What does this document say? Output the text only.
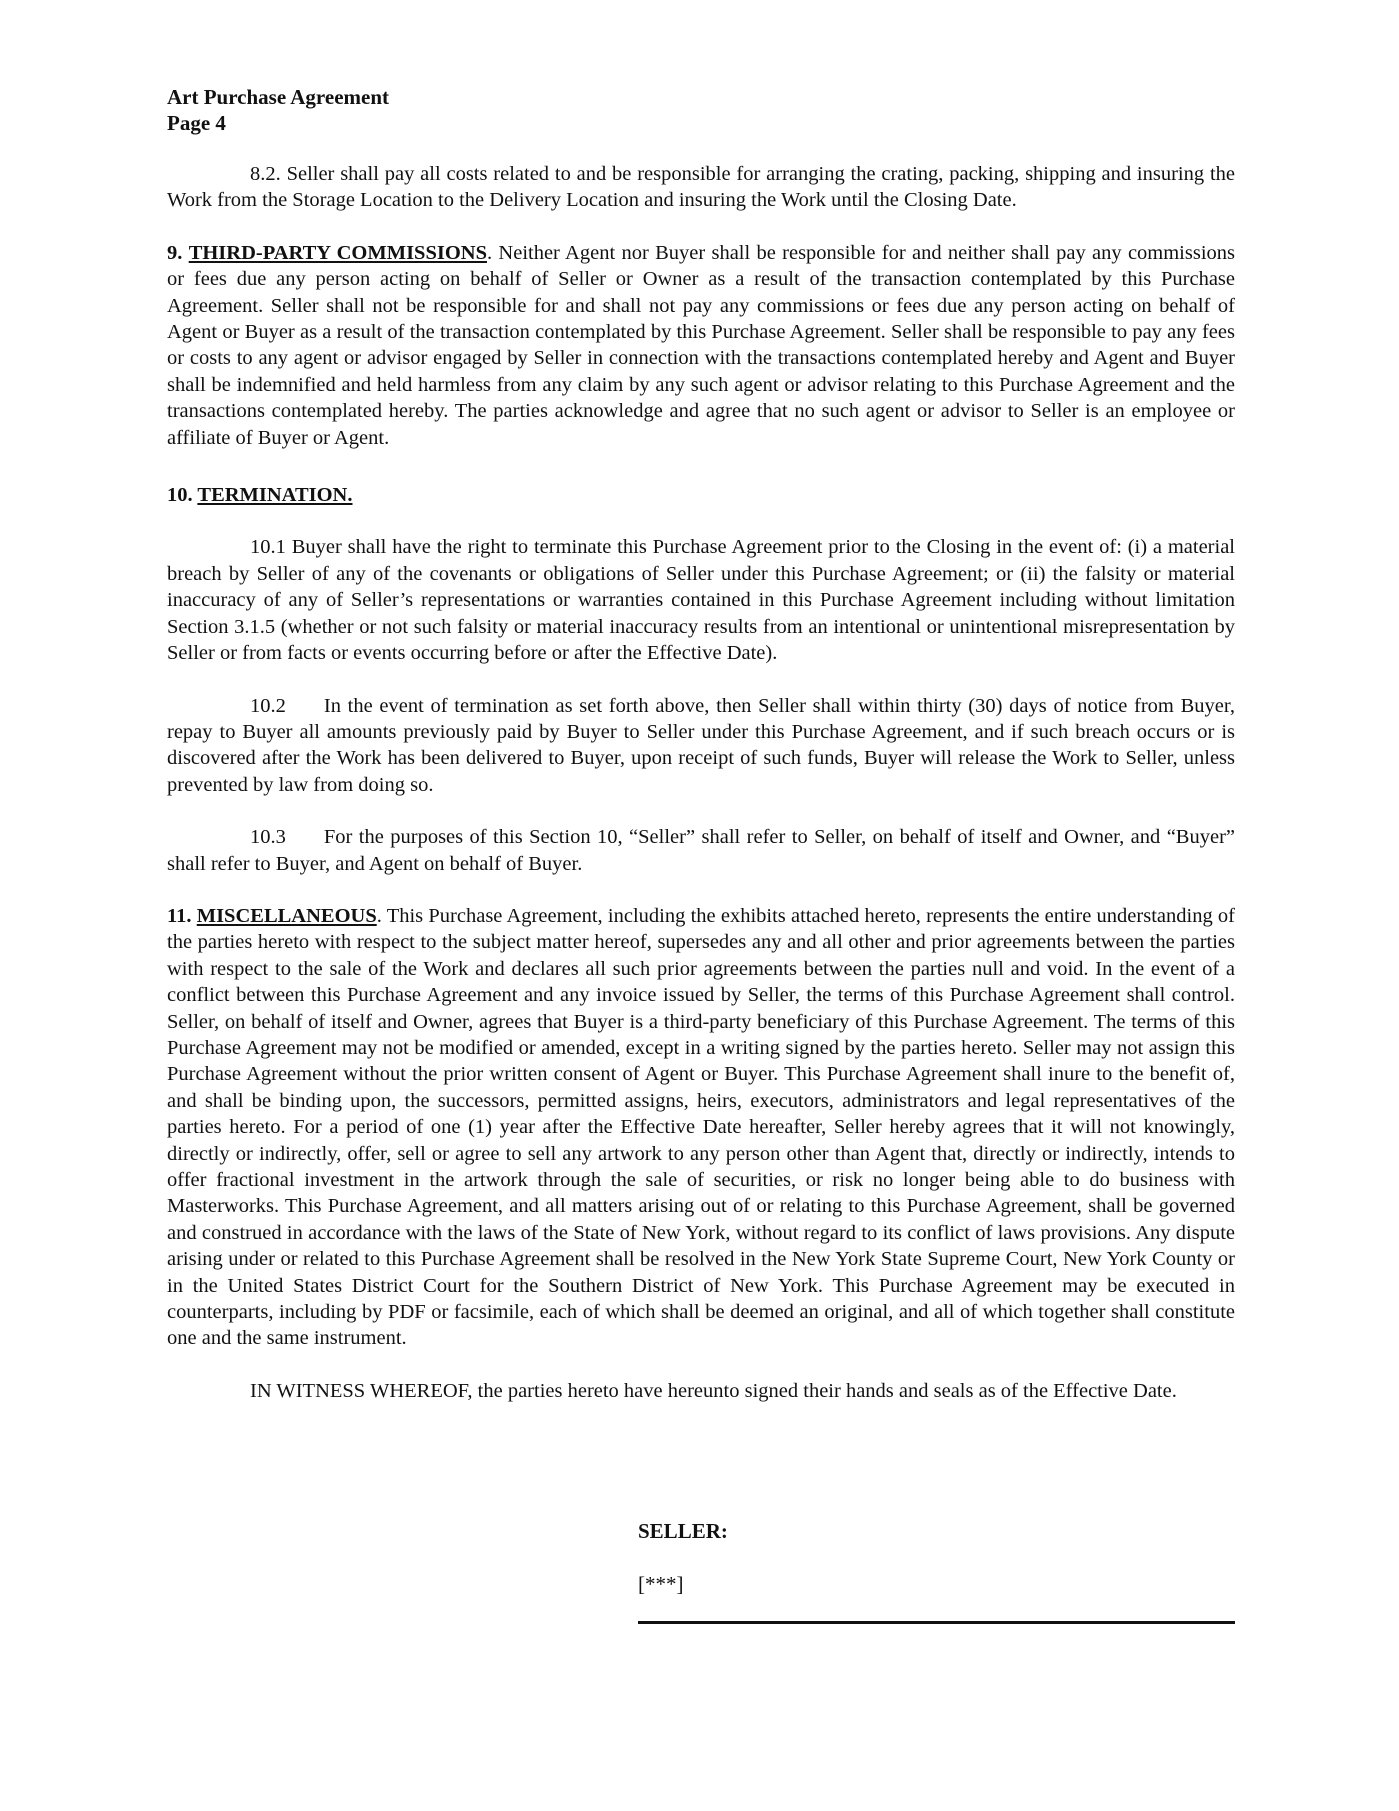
Art Purchase Agreement
Page 4

8.2. Seller shall pay all costs related to and be responsible for arranging the crating, packing, shipping and insuring the Work from the Storage Location to the Delivery Location and insuring the Work until the Closing Date.

9. THIRD-PARTY COMMISSIONS. Neither Agent nor Buyer shall be responsible for and neither shall pay any commissions or fees due any person acting on behalf of Seller or Owner as a result of the transaction contemplated by this Purchase Agreement. Seller shall not be responsible for and shall not pay any commissions or fees due any person acting on behalf of Agent or Buyer as a result of the transaction contemplated by this Purchase Agreement. Seller shall be responsible to pay any fees or costs to any agent or advisor engaged by Seller in connection with the transactions contemplated hereby and Agent and Buyer shall be indemnified and held harmless from any claim by any such agent or advisor relating to this Purchase Agreement and the transactions contemplated hereby. The parties acknowledge and agree that no such agent or advisor to Seller is an employee or affiliate of Buyer or Agent.

10. TERMINATION.

10.1 Buyer shall have the right to terminate this Purchase Agreement prior to the Closing in the event of: (i) a material breach by Seller of any of the covenants or obligations of Seller under this Purchase Agreement; or (ii) the falsity or material inaccuracy of any of Seller’s representations or warranties contained in this Purchase Agreement including without limitation Section 3.1.5 (whether or not such falsity or material inaccuracy results from an intentional or unintentional misrepresentation by Seller or from facts or events occurring before or after the Effective Date).

10.2 In the event of termination as set forth above, then Seller shall within thirty (30) days of notice from Buyer, repay to Buyer all amounts previously paid by Buyer to Seller under this Purchase Agreement, and if such breach occurs or is discovered after the Work has been delivered to Buyer, upon receipt of such funds, Buyer will release the Work to Seller, unless prevented by law from doing so.

10.3 For the purposes of this Section 10, “Seller” shall refer to Seller, on behalf of itself and Owner, and “Buyer” shall refer to Buyer, and Agent on behalf of Buyer.

11. MISCELLANEOUS. This Purchase Agreement, including the exhibits attached hereto, represents the entire understanding of the parties hereto with respect to the subject matter hereof, supersedes any and all other and prior agreements between the parties with respect to the sale of the Work and declares all such prior agreements between the parties null and void. In the event of a conflict between this Purchase Agreement and any invoice issued by Seller, the terms of this Purchase Agreement shall control. Seller, on behalf of itself and Owner, agrees that Buyer is a third-party beneficiary of this Purchase Agreement. The terms of this Purchase Agreement may not be modified or amended, except in a writing signed by the parties hereto. Seller may not assign this Purchase Agreement without the prior written consent of Agent or Buyer. This Purchase Agreement shall inure to the benefit of, and shall be binding upon, the successors, permitted assigns, heirs, executors, administrators and legal representatives of the parties hereto. For a period of one (1) year after the Effective Date hereafter, Seller hereby agrees that it will not knowingly, directly or indirectly, offer, sell or agree to sell any artwork to any person other than Agent that, directly or indirectly, intends to offer fractional investment in the artwork through the sale of securities, or risk no longer being able to do business with Masterworks. This Purchase Agreement, and all matters arising out of or relating to this Purchase Agreement, shall be governed and construed in accordance with the laws of the State of New York, without regard to its conflict of laws provisions. Any dispute arising under or related to this Purchase Agreement shall be resolved in the New York State Supreme Court, New York County or in the United States District Court for the Southern District of New York. This Purchase Agreement may be executed in counterparts, including by PDF or facsimile, each of which shall be deemed an original, and all of which together shall constitute one and the same instrument.

IN WITNESS WHEREOF, the parties hereto have hereunto signed their hands and seals as of the Effective Date.

SELLER:
[***]
